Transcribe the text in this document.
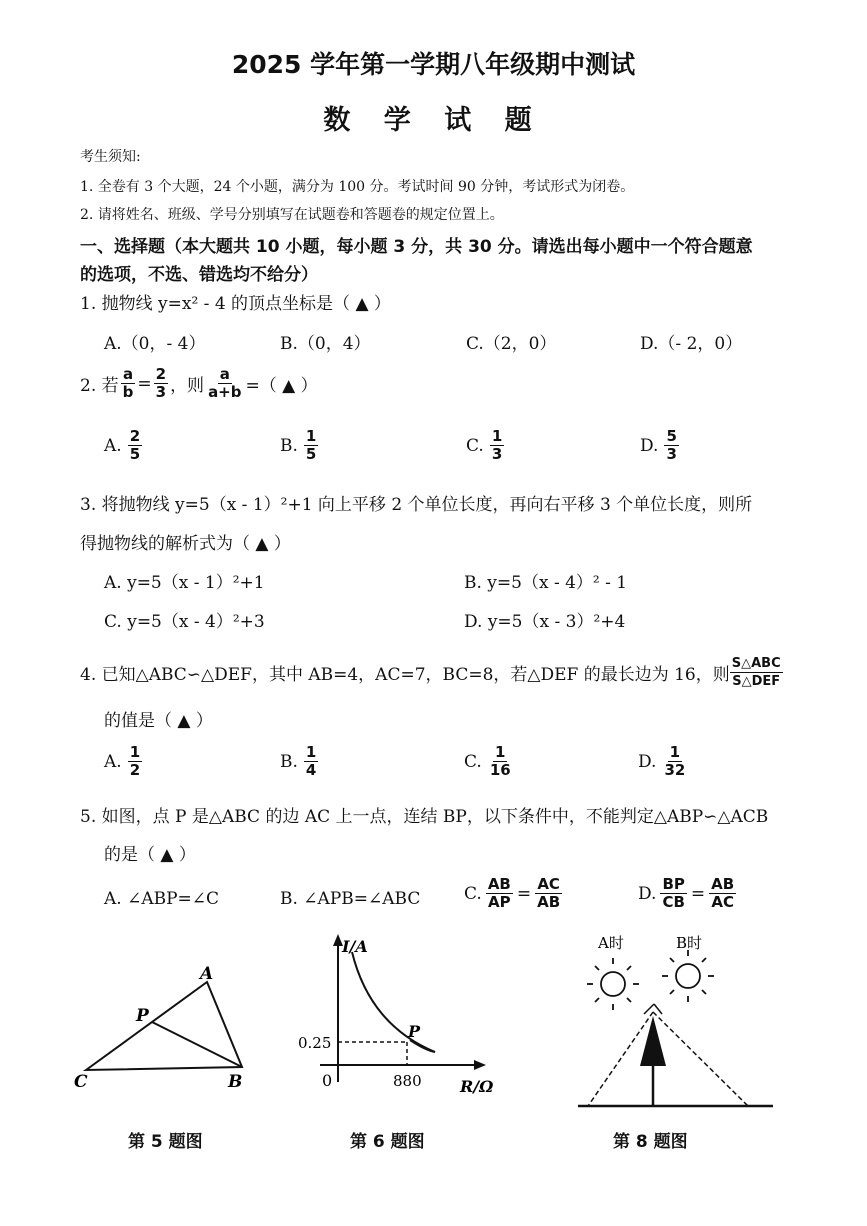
2025 学年第一学期八年级期中测试
数 学 试 题
考生须知:
1. 全卷有 3 个大题，24 个小题，满分为 100 分。考试时间 90 分钟，考试形式为闭卷。
2. 请将姓名、班级、学号分别填写在试题卷和答题卷的规定位置上。
一、选择题（本大题共 10 小题，每小题 3 分，共 30 分。请选出每小题中一个符合题意
的选项，不选、错选均不给分）
1. 抛物线 y=x² - 4 的顶点坐标是（ ▲ ）
A.（0，- 4）	B.（0，4）	C.（2，0）	D.（- 2，0）
2. 若 $\frac{a}{b} = \frac{2}{3}$ ，则 $\frac{a}{a+b}$ =（ ▲ ）
A. $\frac{2}{5}$	B. $\frac{1}{5}$	C. $\frac{1}{3}$	D. $\frac{5}{3}$
3. 将抛物线 y=5（x - 1）²+1 向上平移 2 个单位长度，再向右平移 3 个单位长度，则所
得抛物线的解析式为（ ▲ ）
A. y=5（x - 1）²+1	B. y=5（x - 4）² - 1
C. y=5（x - 4）²+3	D. y=5（x - 3）²+4
4. 已知△ABC∽△DEF，其中 AB=4，AC=7，BC=8，若△DEF 的最长边为 16，则 $\frac{\text{S△ABC}}{\text{S△DEF}}$
的值是（ ▲ ）
A. $\frac{1}{2}$	B. $\frac{1}{4}$	C. $\frac{1}{16}$	D. $\frac{1}{32}$
5. 如图，点 P 是△ABC 的边 AC 上一点，连结 BP，以下条件中，不能判定△ABP∽△ACB
的是（ ▲ ）
A. ∠ABP=∠C	B. ∠APB=∠ABC	C. $\frac{AB}{AP} = \frac{AC}{AB}$	D. $\frac{BP}{CB} = \frac{AB}{AC}$
A
P
C	B
第 5 题图
I/A
R/Ω
0
0.25
880
P
第 6 题图
A时	B时
第 8 题图
